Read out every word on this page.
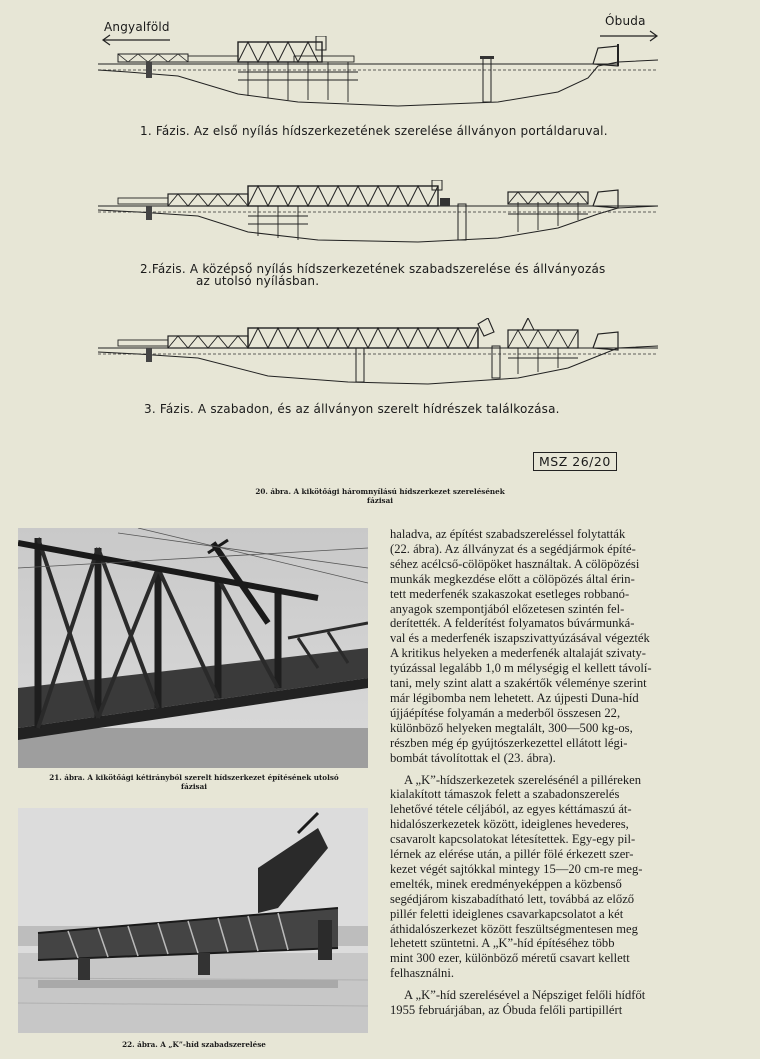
Angyalföld	Óbuda
1. Fázis. Az első nyílás hídszerkezetének szerelése állványon portáldaruval.
2.Fázis. A középső nyílás hídszerkezetének szabadszerelése és állványozás
az utolsó nyílásban.
3. Fázis. A szabadon, és az állványon szerelt hídrészek találkozása.
MSZ 26/20
20. ábra. A kikötőági háromnyílású hídszerkezet szerelésének
fázisai
21. ábra. A kikötőági kétirányból szerelt hídszerkezet építésének utolsó
fázisai
22. ábra. A „K”-híd szabadszerelése

haladva, az építést szabadszereléssel folytatták

(22. ábra). Az állványzat és a segédjármok építé-

séhez acélcső-cölöpöket használtak. A cölöpözési

munkák megkezdése előtt a cölöpözés által érin-

tett mederfenék szakaszokat esetleges robbanó-

anyagok szempontjából előzetesen szintén fel-

derítették. A felderítést folyamatos búvármunká-

val és a mederfenék iszapszivattyúzásával végezték

A kritikus helyeken a mederfenék altalaját szivaty-

tyúzással legalább 1,0 m mélységig el kellett távolí-

tani, mely szint alatt a szakértők véleménye szerint

már légibomba nem lehetett. Az újpesti Duna-híd

újjáépítése folyamán a mederből összesen 22,

különböző helyeken megtalált, 300—500 kg-os,

részben még ép gyújtószerkezettel ellátott légi-

bombát távolítottak el (23. ábra).

A „K”-hídszerkezetek szerelésénél a pilléreken

kialakított támaszok felett a szabadonszerelés

lehetővé tétele céljából, az egyes kéttámaszú át-

hidalószerkezetek között, ideiglenes hevederes,

csavarolt kapcsolatokat létesítettek. Egy-egy pil-

lérnek az elérése után, a pillér fölé érkezett szer-

kezet végét sajtókkal mintegy 15—20 cm-re meg-

emelték, minek eredményeképpen a közbenső

segédjárom kiszabadítható lett, továbbá az előző

pillér feletti ideiglenes csavarkapcsolatot a két

áthidalószerkezet között feszültségmentesen meg

lehetett szüntetni. A „K”-híd építéséhez több

mint 300 ezer, különböző méretű csavart kellett

felhasználni.

A „K”-híd szerelésével a Népsziget felőli hídfőt

1955 februárjában, az Óbuda felőli partipillért
